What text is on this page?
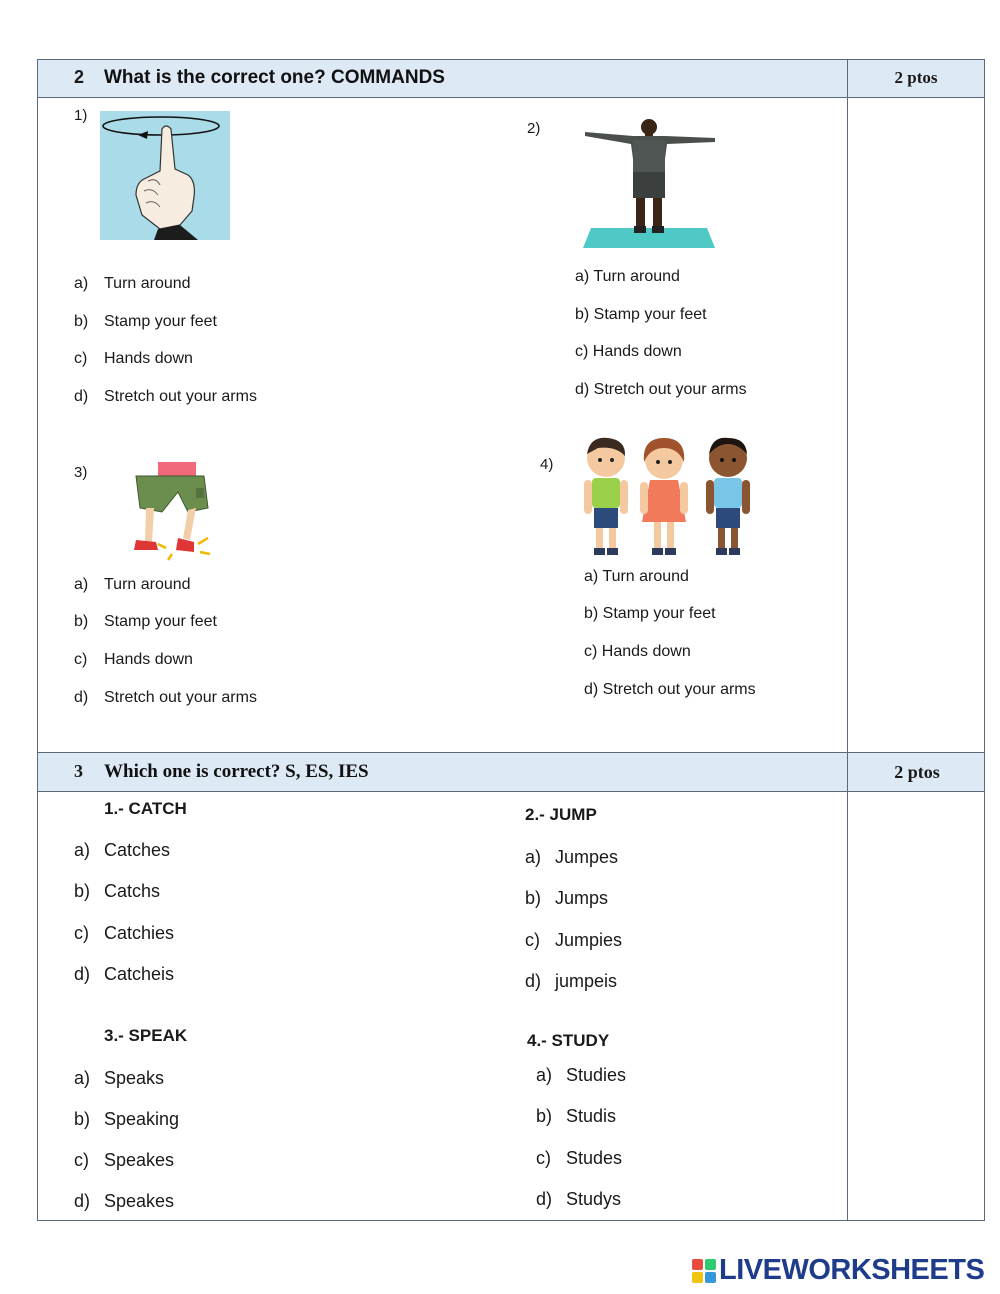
2 What is the correct one? COMMANDS	2 ptos
1)
a) Turn around
b) Stamp your feet
c) Hands down
d) Stretch out your arms
2)
a) Turn around
b) Stamp your feet
c) Hands down
d) Stretch out your arms
3)
a) Turn around
b) Stamp your feet
c) Hands down
d) Stretch out your arms
4)
a) Turn around
b) Stamp your feet
c) Hands down
d) Stretch out your arms
3 Which one is correct? S, ES, IES	2 ptos
1.- CATCH
a) Catches
b) Catchs
c) Catchies
d) Catcheis
2.- JUMP
a) Jumpes
b) Jumps
c) Jumpies
d) jumpeis
3.- SPEAK
a) Speaks
b) Speaking
c) Speakes
d) Speakes
4.- STUDY
a) Studies
b) Studis
c) Studes
d) Studys
LIVEWORKSHEETS
